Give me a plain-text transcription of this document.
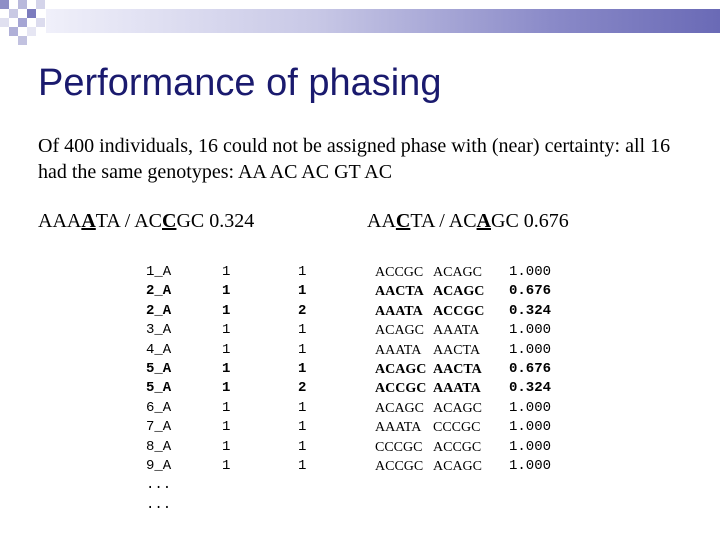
Performance of phasing

Of 400 individuals, 16 could not be assigned phase with (near) certainty: all 16 had the same genotypes: AA AC AC GT AC

AAAATA / ACCGC 0.324	AACTA / ACAGC 0.676
1_A
2_A
2_A
3_A
4_A
5_A
5_A
6_A
7_A
8_A
9_A
...
...
1
1
1
1
1
1
1
1
1
1
1
1
1
2
1
1
1
2
1
1
1
1
ACCGC
AACTA
AAATA
ACAGC
AAATA
ACAGC
ACCGC
ACAGC
AAATA
CCCGC
ACCGC
ACAGC
ACAGC
ACCGC
AAATA
AACTA
AACTA
AAATA
ACAGC
CCCGC
ACCGC
ACAGC
1.000
0.676
0.324
1.000
1.000
0.676
0.324
1.000
1.000
1.000
1.000
